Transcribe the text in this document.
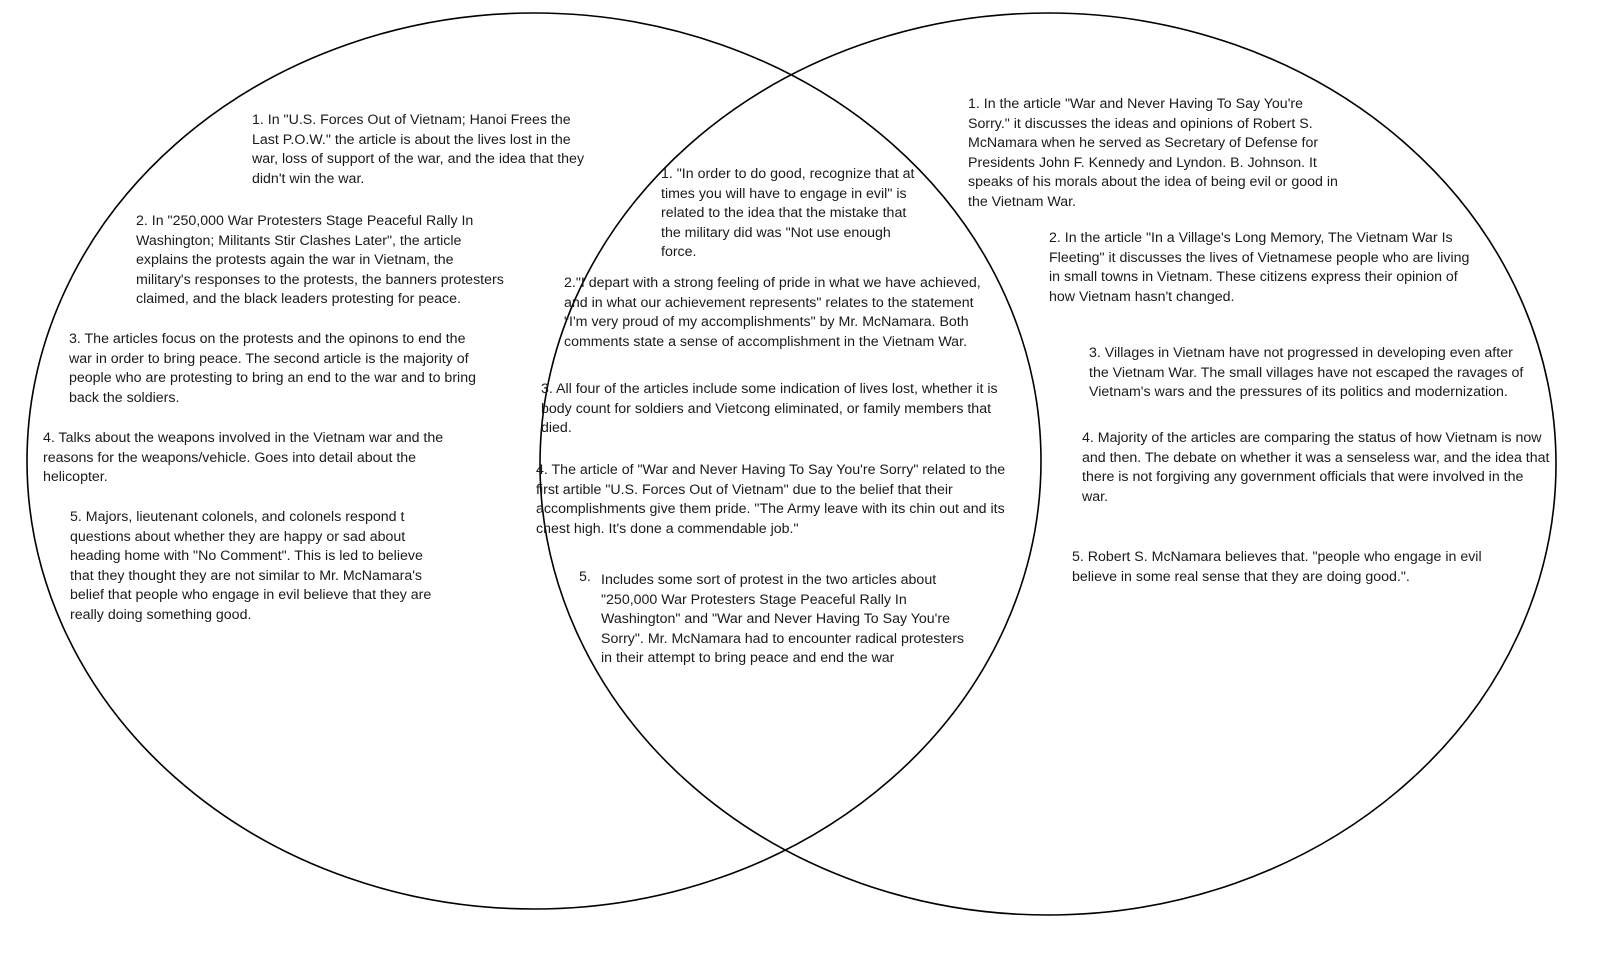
1. In "U.S. Forces Out of Vietnam; Hanoi Frees the
Last P.O.W." the article is about the lives lost in the
war, loss of support of the war, and the idea that they
didn't win the war.

2. In "250,000 War Protesters Stage Peaceful Rally In
Washington; Militants Stir Clashes Later", the article
explains the protests again the war in Vietnam, the
military's responses to the protests, the banners protesters
claimed, and the black leaders protesting for peace.

3. The articles focus on the protests and the opinons to end the
war in order to bring peace. The second article is the majority of
people who are protesting to bring an end to the war and to bring
back the soldiers.

4. Talks about the weapons involved in the Vietnam war and the
reasons for the weapons/vehicle. Goes into detail about the
helicopter.

5. Majors, lieutenant colonels, and colonels respond t
questions about whether they are happy or sad about
heading home with "No Comment". This is led to believe
that they thought they are not similar to Mr. McNamara's
belief that people who engage in evil believe that they are
really doing something good.

1. "In order to do good, recognize that at
times you will have to engage in evil" is
related to the idea that the mistake that
the military did was "Not use enough
force.

2."I depart with a strong feeling of pride in what we have achieved,
and in what our achievement represents" relates to the statement
"I'm very proud of my accomplishments" by Mr. McNamara. Both
comments state a sense of accomplishment in the Vietnam War.

3. All four of the articles include some indication of lives lost, whether it is
body count for soldiers and Vietcong eliminated, or family members that
died.

4. The article of "War and Never Having To Say You're Sorry" related to the
first artible "U.S. Forces Out of Vietnam" due to the belief that their
accomplishments give them pride. "The Army leave with its chin out and its
chest high. It's done a commendable job."

5. Includes some sort of protest in the two articles about
"250,000 War Protesters Stage Peaceful Rally In
Washington" and "War and Never Having To Say You're
Sorry". Mr. McNamara had to encounter radical protesters
in their attempt to bring peace and end the war

1. In the article "War and Never Having To Say You're
Sorry." it discusses the ideas and opinions of Robert S.
McNamara when he served as Secretary of Defense for
Presidents John F. Kennedy and Lyndon. B. Johnson. It
speaks of his morals about the idea of being evil or good in
the Vietnam War.

2. In the article "In a Village's Long Memory, The Vietnam War Is
Fleeting" it discusses the lives of Vietnamese people who are living
in small towns in Vietnam. These citizens express their opinion of
how Vietnam hasn't changed.

3. Villages in Vietnam have not progressed in developing even after
the Vietnam War. The small villages have not escaped the ravages of
Vietnam's wars and the pressures of its politics and modernization.

4. Majority of the articles are comparing the status of how Vietnam is now
and then. The debate on whether it was a senseless war, and the idea that
there is not forgiving any government officials that were involved in the
war.

5. Robert S. McNamara believes that. "people who engage in evil
believe in some real sense that they are doing good.".
